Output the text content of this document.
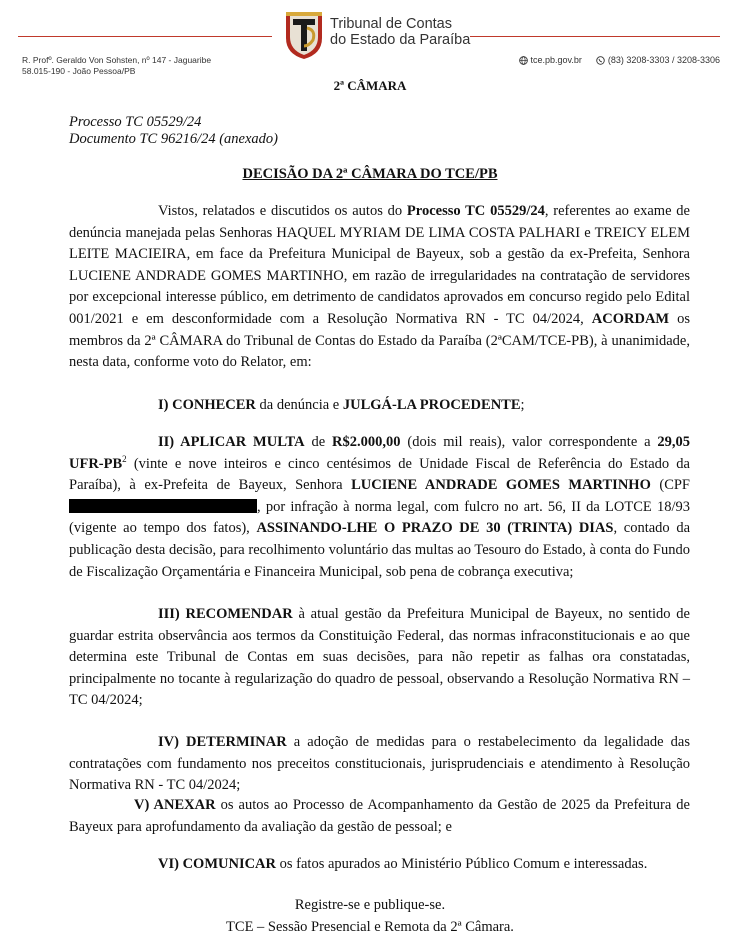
Tribunal de Contas
do Estado da Paraíba
R. Profº. Geraldo Von Sohsten, nº 147 - Jaguaribe
58.015-190 - João Pessoa/PB
tce.pb.gov.br	(83) 3208-3303 / 3208-3306
2ª CÂMARA
Processo TC 05529/24
Documento TC 96216/24 (anexado)
DECISÃO DA 2ª CÂMARA DO TCE/PB

Vistos, relatados e discutidos os autos do Processo TC 05529/24, referentes ao exame de denúncia manejada pelas Senhoras HAQUEL MYRIAM DE LIMA COSTA PALHARI e TREICY ELEM LEITE MACIEIRA, em face da Prefeitura Municipal de Bayeux, sob a gestão da ex-Prefeita, Senhora LUCIENE ANDRADE GOMES MARTINHO, em razão de irregularidades na contratação de servidores por excepcional interesse público, em detrimento de candidatos aprovados em concurso regido pelo Edital 001/2021 e em desconformidade com a Resolução Normativa RN - TC 04/2024, ACORDAM os membros da 2ª CÂMARA do Tribunal de Contas do Estado da Paraíba (2ªCAM/TCE-PB), à unanimidade, nesta data, conforme voto do Relator, em:

I) CONHECER da denúncia e JULGÁ-LA PROCEDENTE;

II) APLICAR MULTA de R$2.000,00 (dois mil reais), valor correspondente a 29,05 UFR-$PB^2$ (vinte e nove inteiros e cinco centésimos de Unidade Fiscal de Referência do Estado da Paraíba), à ex-Prefeita de Bayeux, Senhora LUCIENE ANDRADE GOMES MARTINHO (CPF , por infração à norma legal, com fulcro no art. 56, II da LOTCE 18/93 (vigente ao tempo dos fatos), ASSINANDO-LHE O PRAZO DE 30 (TRINTA) DIAS, contado da publicação desta decisão, para recolhimento voluntário das multas ao Tesouro do Estado, à conta do Fundo de Fiscalização Orçamentária e Financeira Municipal, sob pena de cobrança executiva;

III) RECOMENDAR à atual gestão da Prefeitura Municipal de Bayeux, no sentido de guardar estrita observância aos termos da Constituição Federal, das normas infraconstitucionais e ao que determina este Tribunal de Contas em suas decisões, para não repetir as falhas ora constatadas, principalmente no tocante à regularização do quadro de pessoal, observando a Resolução Normativa RN – TC 04/2024;

IV) DETERMINAR a adoção de medidas para o restabelecimento da legalidade das contratações com fundamento nos preceitos constitucionais, jurisprudenciais e atendimento à Resolução Normativa RN - TC 04/2024;

V) ANEXAR os autos ao Processo de Acompanhamento da Gestão de 2025 da Prefeitura de Bayeux para aprofundamento da avaliação da gestão de pessoal; e

VI) COMUNICAR os fatos apurados ao Ministério Público Comum e interessadas.

Registre-se e publique-se.
TCE – Sessão Presencial e Remota da 2ª Câmara.
